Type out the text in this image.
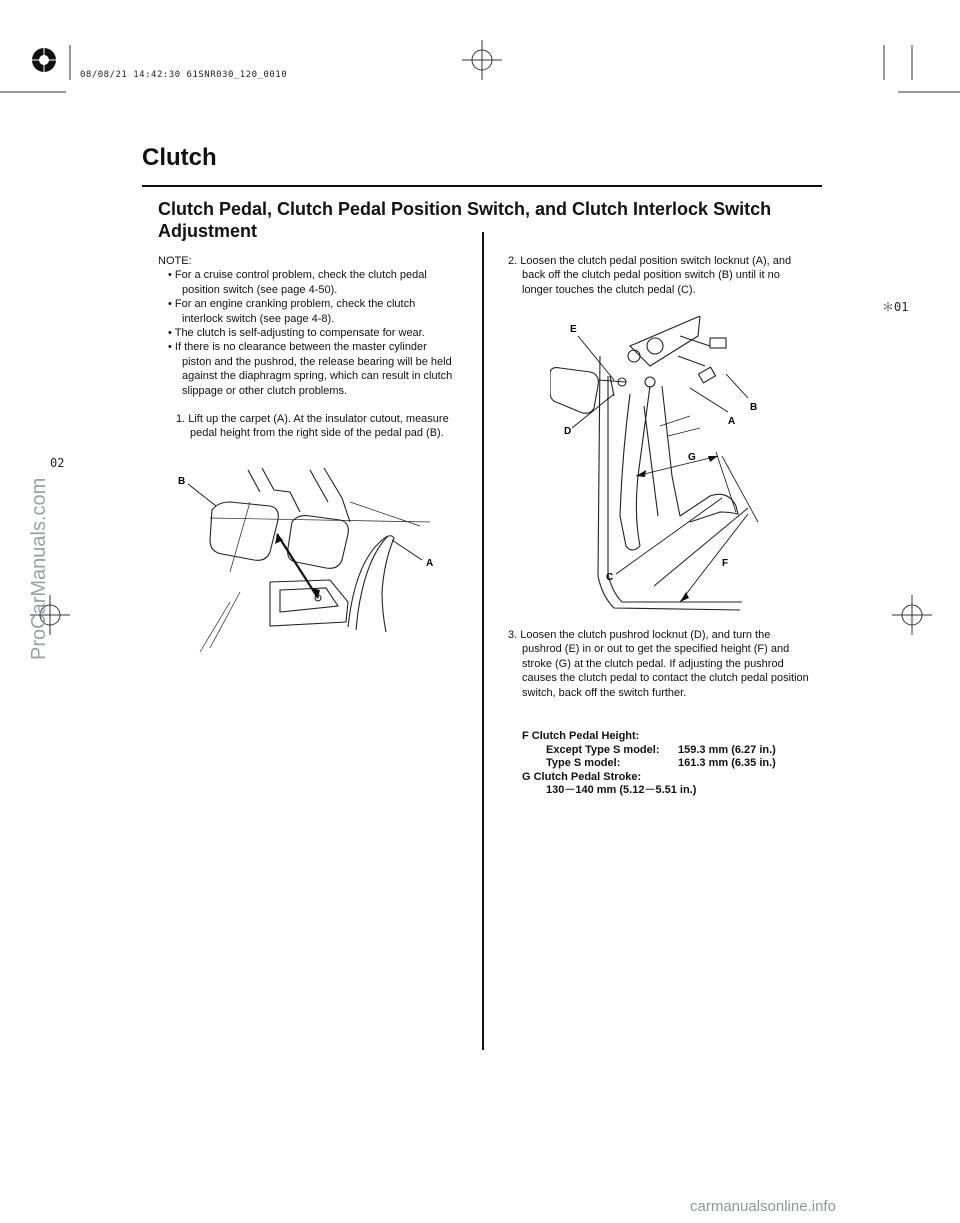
08/08/21 14:42:30 61SNR030_120_0010
＊01
02
Clutch
Clutch Pedal, Clutch Pedal Position Switch, and Clutch Interlock Switch Adjustment
NOTE:
• For a cruise control problem, check the clutch pedal position switch (see page 4-50).
• For an engine cranking problem, check the clutch interlock switch (see page 4-8).
• The clutch is self-adjusting to compensate for wear.
• If there is no clearance between the master cylinder piston and the pushrod, the release bearing will be held against the diaphragm spring, which can result in clutch slippage or other clutch problems.

1. Lift up the carpet (A). At the insulator cutout, measure pedal height from the right side of the pedal pad (B).

B
A

2. Loosen the clutch pedal position switch locknut (A), and back off the clutch pedal position switch (B) until it no longer touches the clutch pedal (C).

E
B
A
D
G
F
C

3. Loosen the clutch pushrod locknut (D), and turn the pushrod (E) in or out to get the specified height (F) and stroke (G) at the clutch pedal. If adjusting the pushrod causes the clutch pedal to contact the clutch pedal position switch, back off the switch further.

F Clutch Pedal Height:
Except Type S model:	159.3 mm (6.27 in.)
Type S model:	161.3 mm (6.35 in.)
G Clutch Pedal Stroke:
130－140 mm (5.12－5.51 in.)
ProCarManuals.com
carmanualsonline.info
